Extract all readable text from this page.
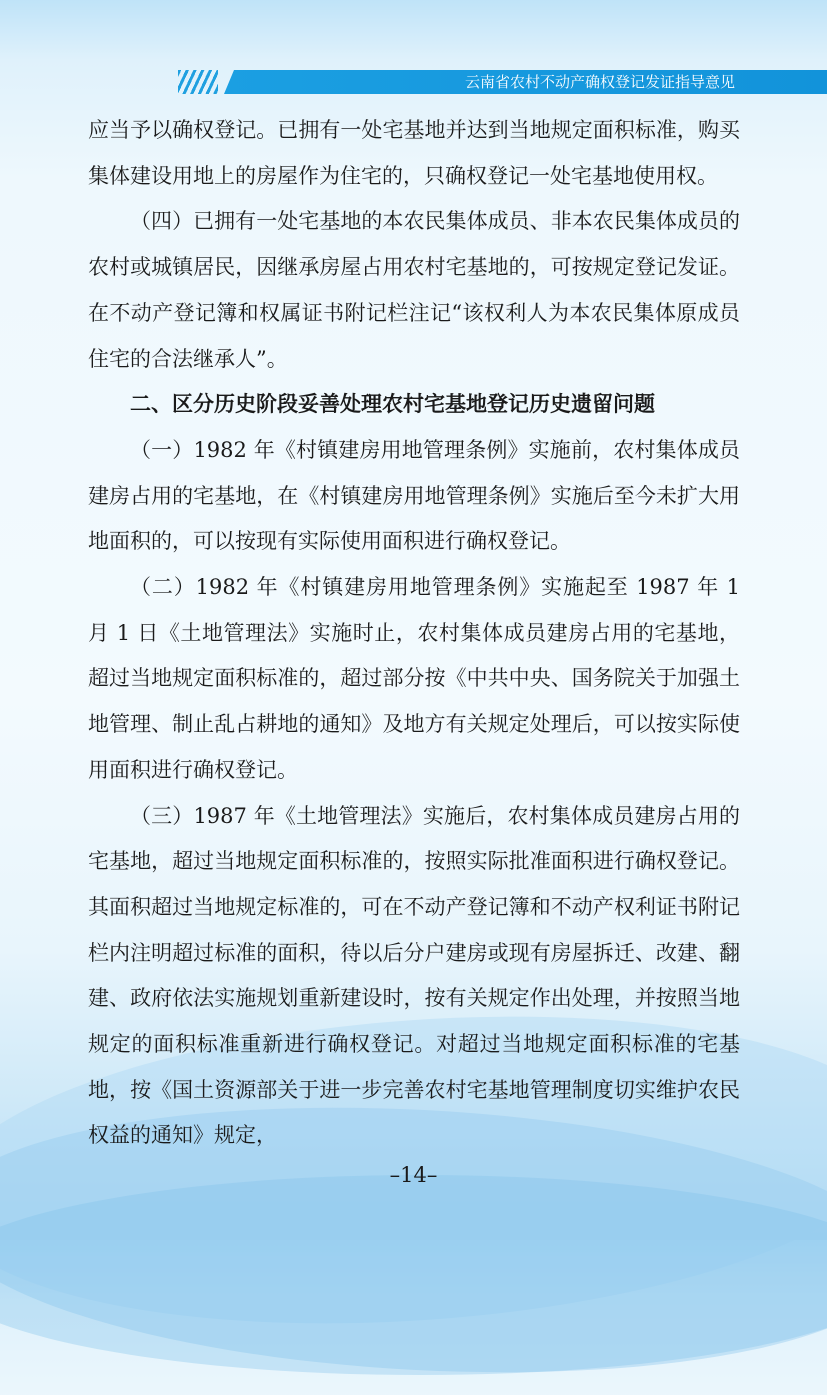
云南省农村不动产确权登记发证指导意见

应当予以确权登记。已拥有一处宅基地并达到当地规定面积标准，购买集体建设用地上的房屋作为住宅的，只确权登记一处宅基地使用权。

（四）已拥有一处宅基地的本农民集体成员、非本农民集体成员的农村或城镇居民，因继承房屋占用农村宅基地的，可按规定登记发证。在不动产登记簿和权属证书附记栏注记“该权利人为本农民集体原成员住宅的合法继承人”。

二、区分历史阶段妥善处理农村宅基地登记历史遗留问题

（一）1982 年《村镇建房用地管理条例》实施前，农村集体成员建房占用的宅基地，在《村镇建房用地管理条例》实施后至今未扩大用地面积的，可以按现有实际使用面积进行确权登记。

（二）1982 年《村镇建房用地管理条例》实施起至 1987 年 1 月 1 日《土地管理法》实施时止，农村集体成员建房占用的宅基地，超过当地规定面积标准的，超过部分按《中共中央、国务院关于加强土地管理、制止乱占耕地的通知》及地方有关规定处理后，可以按实际使用面积进行确权登记。

（三）1987 年《土地管理法》实施后，农村集体成员建房占用的宅基地，超过当地规定面积标准的，按照实际批准面积进行确权登记。其面积超过当地规定标准的，可在不动产登记簿和不动产权利证书附记栏内注明超过标准的面积，待以后分户建房或现有房屋拆迁、改建、翻建、政府依法实施规划重新建设时，按有关规定作出处理，并按照当地规定的面积标准重新进行确权登记。对超过当地规定面积标准的宅基地，按《国土资源部关于进一步完善农村宅基地管理制度切实维护农民权益的通知》规定，

–14–
